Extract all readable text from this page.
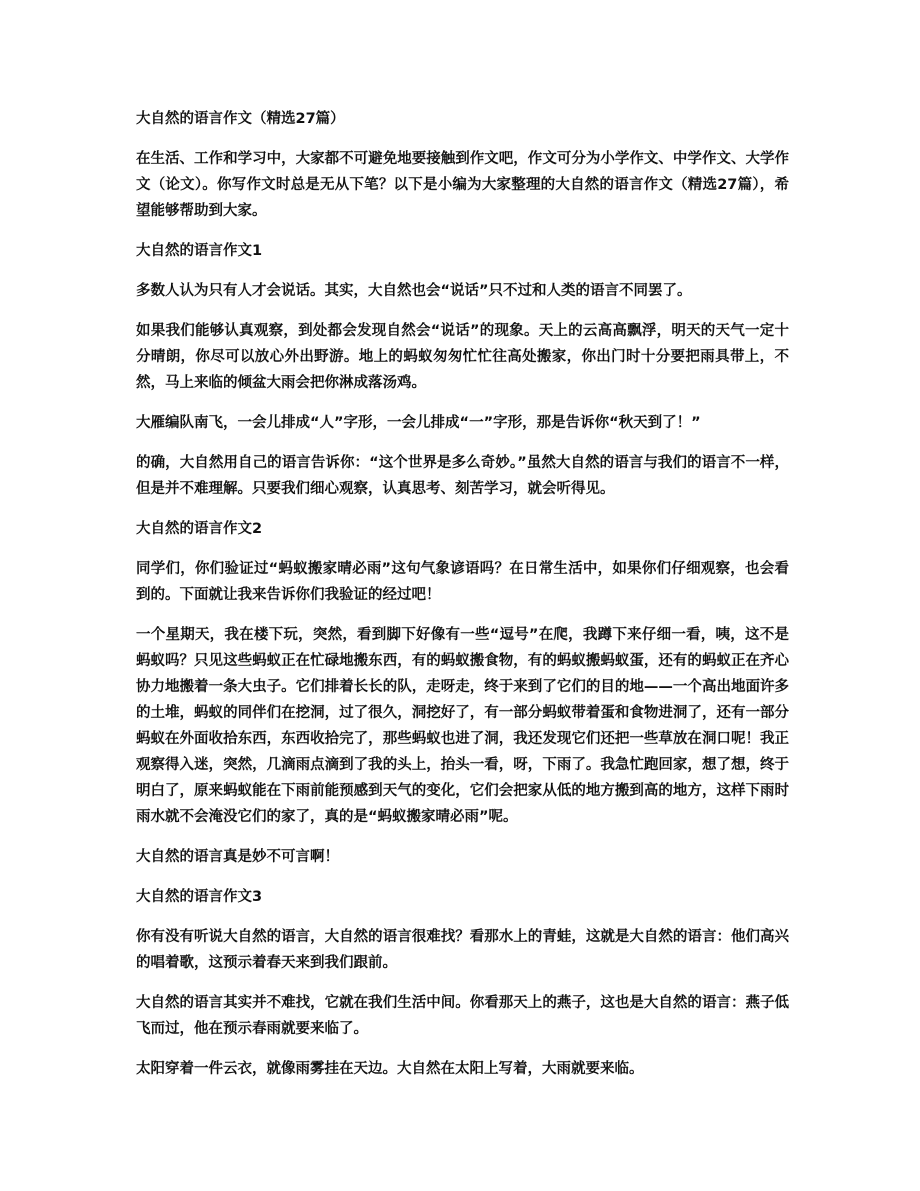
大自然的语言作文（精选27篇）

在生活、工作和学习中，大家都不可避免地要接触到作文吧，作文可分为小学作文、中学作文、大学作文（论文）。你写作文时总是无从下笔？以下是小编为大家整理的大自然的语言作文（精选27篇），希望能够帮助到大家。

大自然的语言作文1

多数人认为只有人才会说话。其实，大自然也会“说话”只不过和人类的语言不同罢了。

如果我们能够认真观察，到处都会发现自然会“说话”的现象。天上的云高高飘浮，明天的天气一定十分晴朗，你尽可以放心外出野游。地上的蚂蚁匆匆忙忙往高处搬家，你出门时十分要把雨具带上，不然，马上来临的倾盆大雨会把你淋成落汤鸡。

大雁编队南飞，一会儿排成“人”字形，一会儿排成“一”字形，那是告诉你“秋天到了！”

的确，大自然用自己的语言告诉你：“这个世界是多么奇妙。”虽然大自然的语言与我们的语言不一样，但是并不难理解。只要我们细心观察，认真思考、刻苦学习，就会听得见。

大自然的语言作文2

同学们，你们验证过“蚂蚁搬家晴必雨”这句气象谚语吗？在日常生活中，如果你们仔细观察，也会看到的。下面就让我来告诉你们我验证的经过吧！

一个星期天，我在楼下玩，突然，看到脚下好像有一些“逗号”在爬，我蹲下来仔细一看，咦，这不是蚂蚁吗？只见这些蚂蚁正在忙碌地搬东西，有的蚂蚁搬食物，有的蚂蚁搬蚂蚁蛋，还有的蚂蚁正在齐心协力地搬着一条大虫子。它们排着长长的队，走呀走，终于来到了它们的目的地——一个高出地面许多的土堆，蚂蚁的同伴们在挖洞，过了很久，洞挖好了，有一部分蚂蚁带着蛋和食物进洞了，还有一部分蚂蚁在外面收拾东西，东西收拾完了，那些蚂蚁也进了洞，我还发现它们还把一些草放在洞口呢！我正观察得入迷，突然，几滴雨点滴到了我的头上，抬头一看，呀，下雨了。我急忙跑回家，想了想，终于明白了，原来蚂蚁能在下雨前能预感到天气的变化，它们会把家从低的地方搬到高的地方，这样下雨时雨水就不会淹没它们的家了，真的是“蚂蚁搬家晴必雨”呢。

大自然的语言真是妙不可言啊！

大自然的语言作文3

你有没有听说大自然的语言，大自然的语言很难找？看那水上的青蛙，这就是大自然的语言：他们高兴的唱着歌，这预示着春天来到我们跟前。

大自然的语言其实并不难找，它就在我们生活中间。你看那天上的燕子，这也是大自然的语言：燕子低飞而过，他在预示春雨就要来临了。

太阳穿着一件云衣，就像雨雾挂在天边。大自然在太阳上写着，大雨就要来临。
